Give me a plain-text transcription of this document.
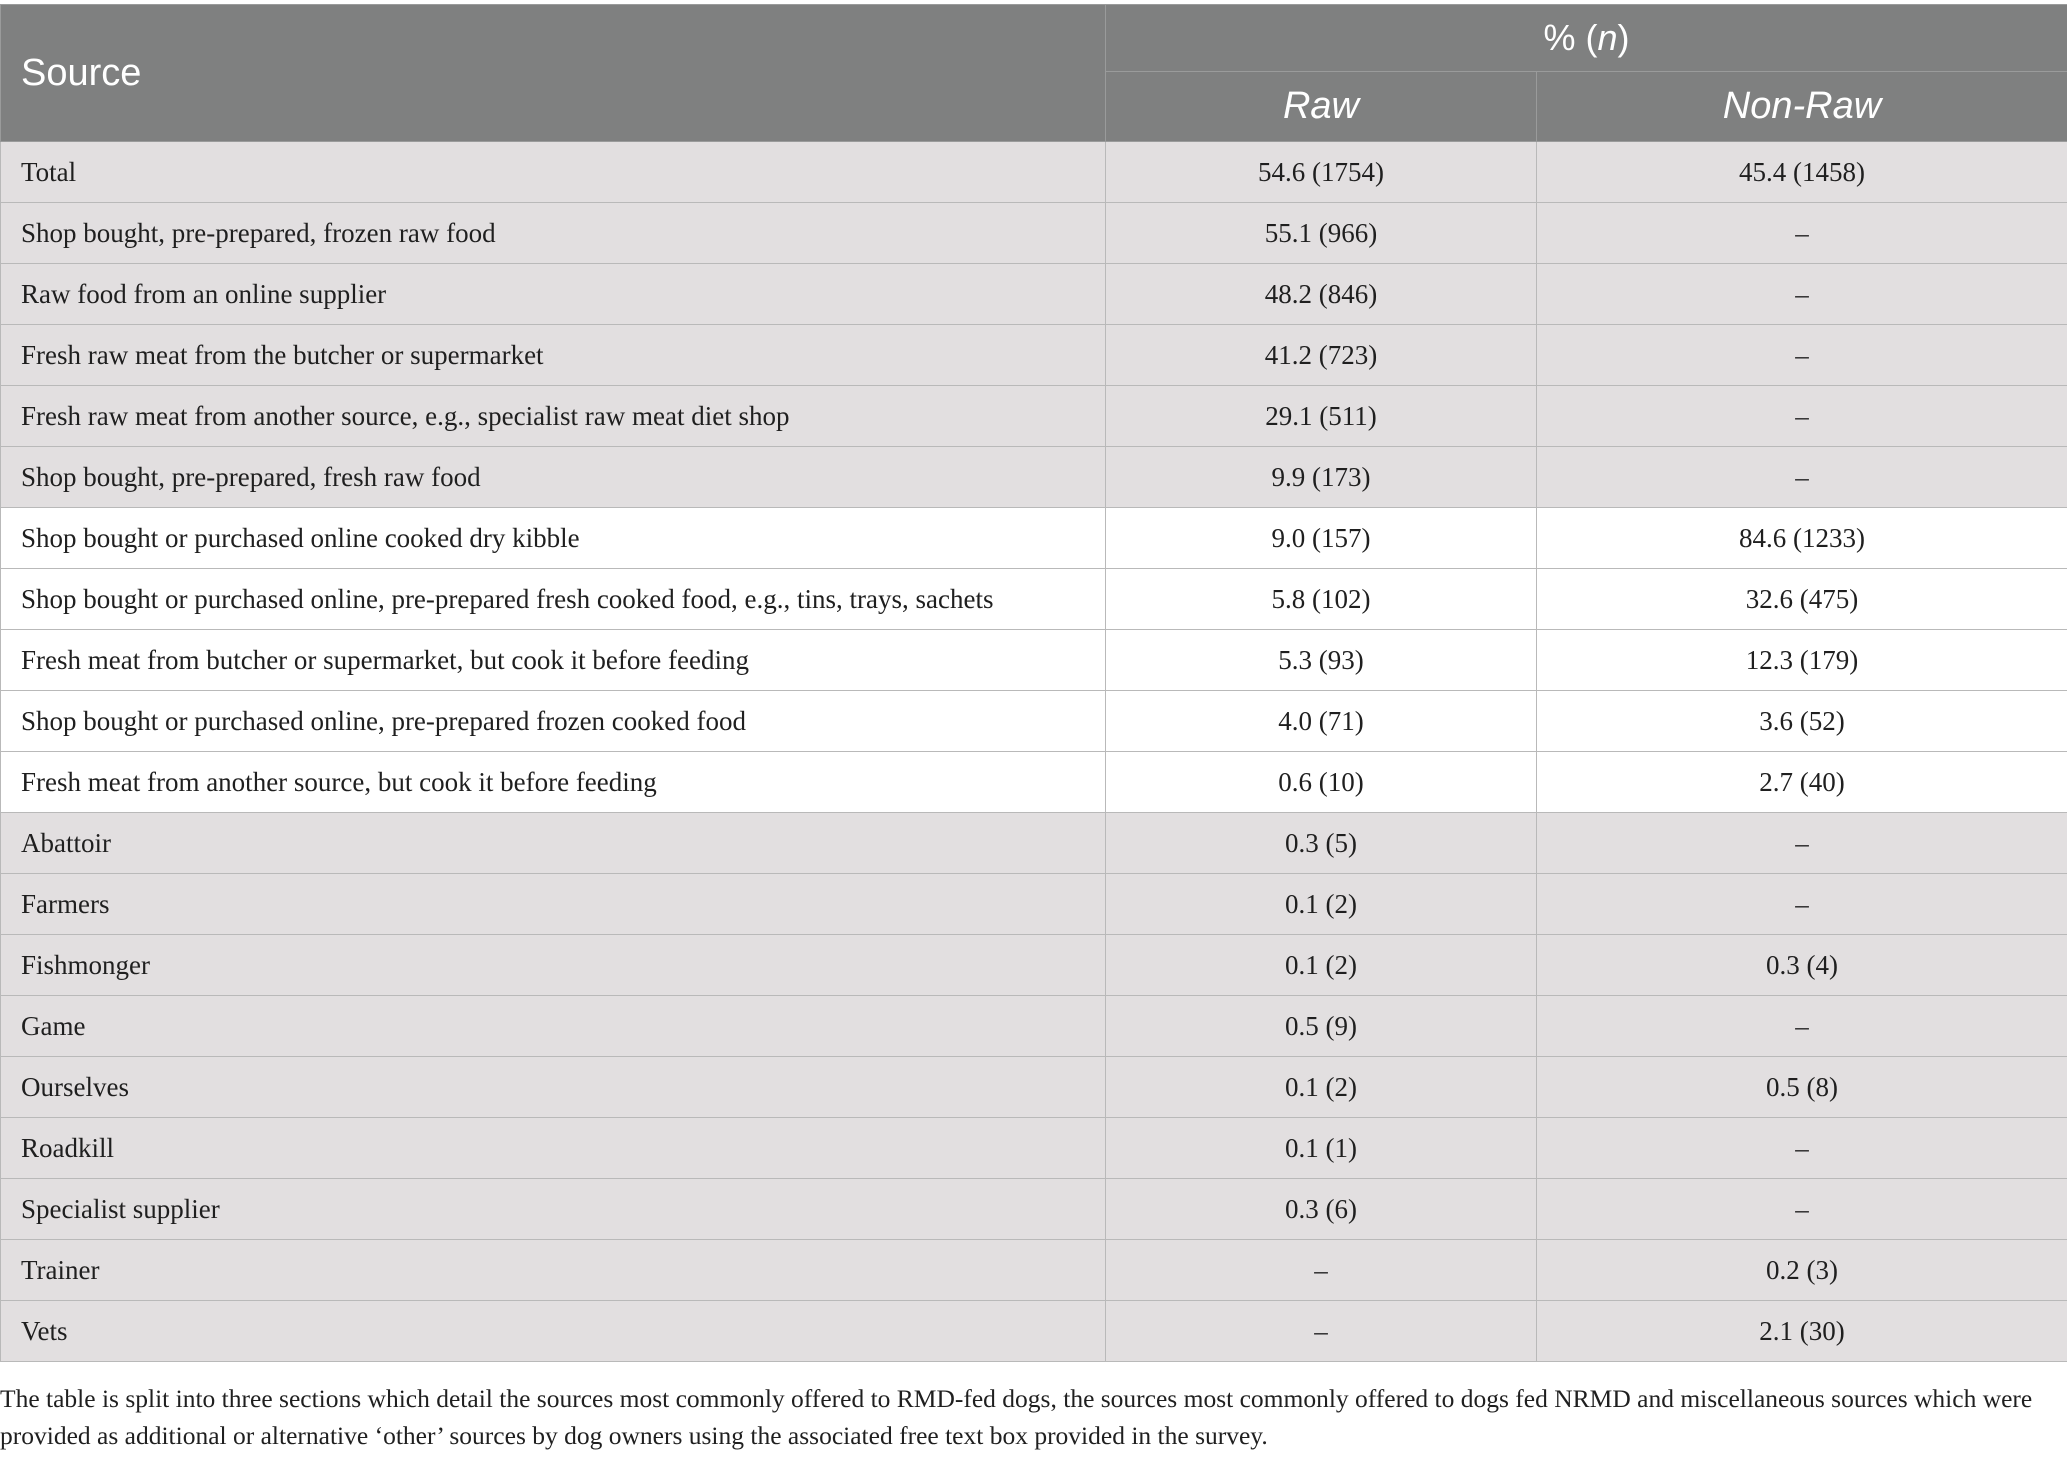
Source	% (n)	
	Raw	Non-Raw
Total	54.6 (1754)	45.4 (1458)
Shop bought, pre-prepared, frozen raw food	55.1 (966)	–
Raw food from an online supplier	48.2 (846)	–
Fresh raw meat from the butcher or supermarket	41.2 (723)	–
Fresh raw meat from another source, e.g., specialist raw meat diet shop	29.1 (511)	–
Shop bought, pre-prepared, fresh raw food	9.9 (173)	–
Shop bought or purchased online cooked dry kibble	9.0 (157)	84.6 (1233)
Shop bought or purchased online, pre-prepared fresh cooked food, e.g., tins, trays, sachets	5.8 (102)	32.6 (475)
Fresh meat from butcher or supermarket, but cook it before feeding	5.3 (93)	12.3 (179)
Shop bought or purchased online, pre-prepared frozen cooked food	4.0 (71)	3.6 (52)
Fresh meat from another source, but cook it before feeding	0.6 (10)	2.7 (40)
Abattoir	0.3 (5)	–
Farmers	0.1 (2)	–
Fishmonger	0.1 (2)	0.3 (4)
Game	0.5 (9)	–
Ourselves	0.1 (2)	0.5 (8)
Roadkill	0.1 (1)	–
Specialist supplier	0.3 (6)	–
Trainer	–	0.2 (3)
Vets	–	2.1 (30)

The table is split into three sections which detail the sources most commonly offered to RMD-fed dogs, the sources most commonly offered to dogs fed NRMD and miscellaneous sources which were provided as additional or alternative ‘other’ sources by dog owners using the associated free text box provided in the survey.
